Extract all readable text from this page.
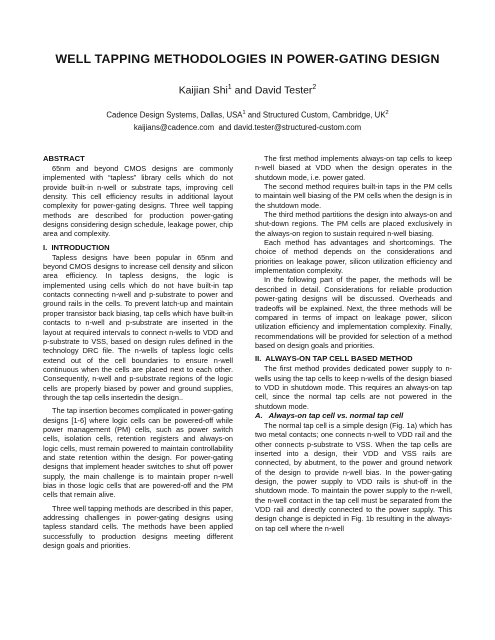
WELL TAPPING METHODOLOGIES IN POWER-GATING DESIGN
Kaijian Shi$^1$ and David Tester$^2$
Cadence Design Systems, Dallas, USA$^1$ and Structured Custom, Cambridge, $UK^2$
kaijians@cadence.com  and david.tester@structured-custom.com
ABSTRACT

65nm and beyond CMOS designs are commonly implemented with “tapless” library cells which do not provide built-in n-well or substrate taps, improving cell density. This cell efficiency results in additional layout complexity for power-gating designs. Three well tapping methods are described for production power-gating designs considering design schedule, leakage power, chip area and complexity.

I.  INTRODUCTION

Tapless designs have been popular in 65nm and beyond CMOS designs to increase cell density and silicon area efficiency. In tapless designs, the logic is implemented using cells which do not have built-in tap contacts connecting n-well and p-substrate to power and ground rails in the cells. To prevent latch-up and maintain proper transistor back biasing, tap cells which have built-in contacts to n-well and p-substrate are inserted in the layout at required intervals to connect n-wells to VDD and p-substrate to VSS, based on design rules defined in the technology DRC file. The n-wells of tapless logic cells extend out of the cell boundaries to ensure n-well continuous when the cells are placed next to each other. Consequently, n-well and p-substrate regions of the logic cells are properly biased by power and ground supplies, through the tap cells insertedin the design..

The tap insertion becomes complicated in power-gating designs [1-6] where logic cells can be powered-off while power management (PM) cells, such as power switch cells, isolation cells, retention registers and always-on logic cells, must remain powered to maintain controllability and state retention within the design. For power-gating designs that implement header switches to shut off power supply, the main challenge is to maintain proper n-well bias in those logic cells that are powered-off and the PM cells that remain alive.

Three well tapping methods are described in this paper, addressing challenges in power-gating designs using tapless standard cells. The methods have been applied successfully to production designs meeting different design goals and priorities.

The first method implements always-on tap cells to keep n-well biased at VDD when the design operates in the shutdown mode, i.e. power gated.

The second method requires built-in taps in the PM cells to maintain well biasing of the PM cells when the design is in the shutdown mode.

The third method partitions the design into always-on and shut-down regions. The PM cells are placed exclusively in the always-on region to sustain required n-well biasing.

Each method has advantages and shortcomings. The choice of method depends on the considerations and priorities on leakage power, silicon utilization efficiency and implementation complexity.

In the following part of the paper, the methods will be described in detail. Considerations for reliable production power-gating designs will be discussed. Overheads and tradeoffs will be explained. Next, the three methods will be compared in terms of impact on leakage power, silicon utilization efficiency and implementation complexity. Finally, recommendations will be provided for selection of a method based on design goals and priorities.

II.  ALWAYS-ON TAP CELL BASED METHOD

The first method provides dedicated power supply to n-wells using the tap cells to keep n-wells of the design biased to VDD in shutdown mode. This requires an always-on tap cell, since the normal tap cells are not powered in the shutdown mode.

A.   Always-on tap cell vs. normal tap cell

The normal tap cell is a simple design (Fig. 1a) which has two metal contacts; one connects n-well to VDD rail and the other connects p-substrate to VSS. When the tap cells are inserted into a design, their VDD and VSS rails are connected, by abutment, to the power and ground network of the design to provide n-well bias. In the power-gating design, the power supply to VDD rails is shut-off in the shutdown mode. To maintain the power supply to the n-well, the n-well contact in the tap cell must be separated from the VDD rail and directly connected to the power supply. This design change is depicted in Fig. 1b resulting in the always-on tap cell where the n-well
